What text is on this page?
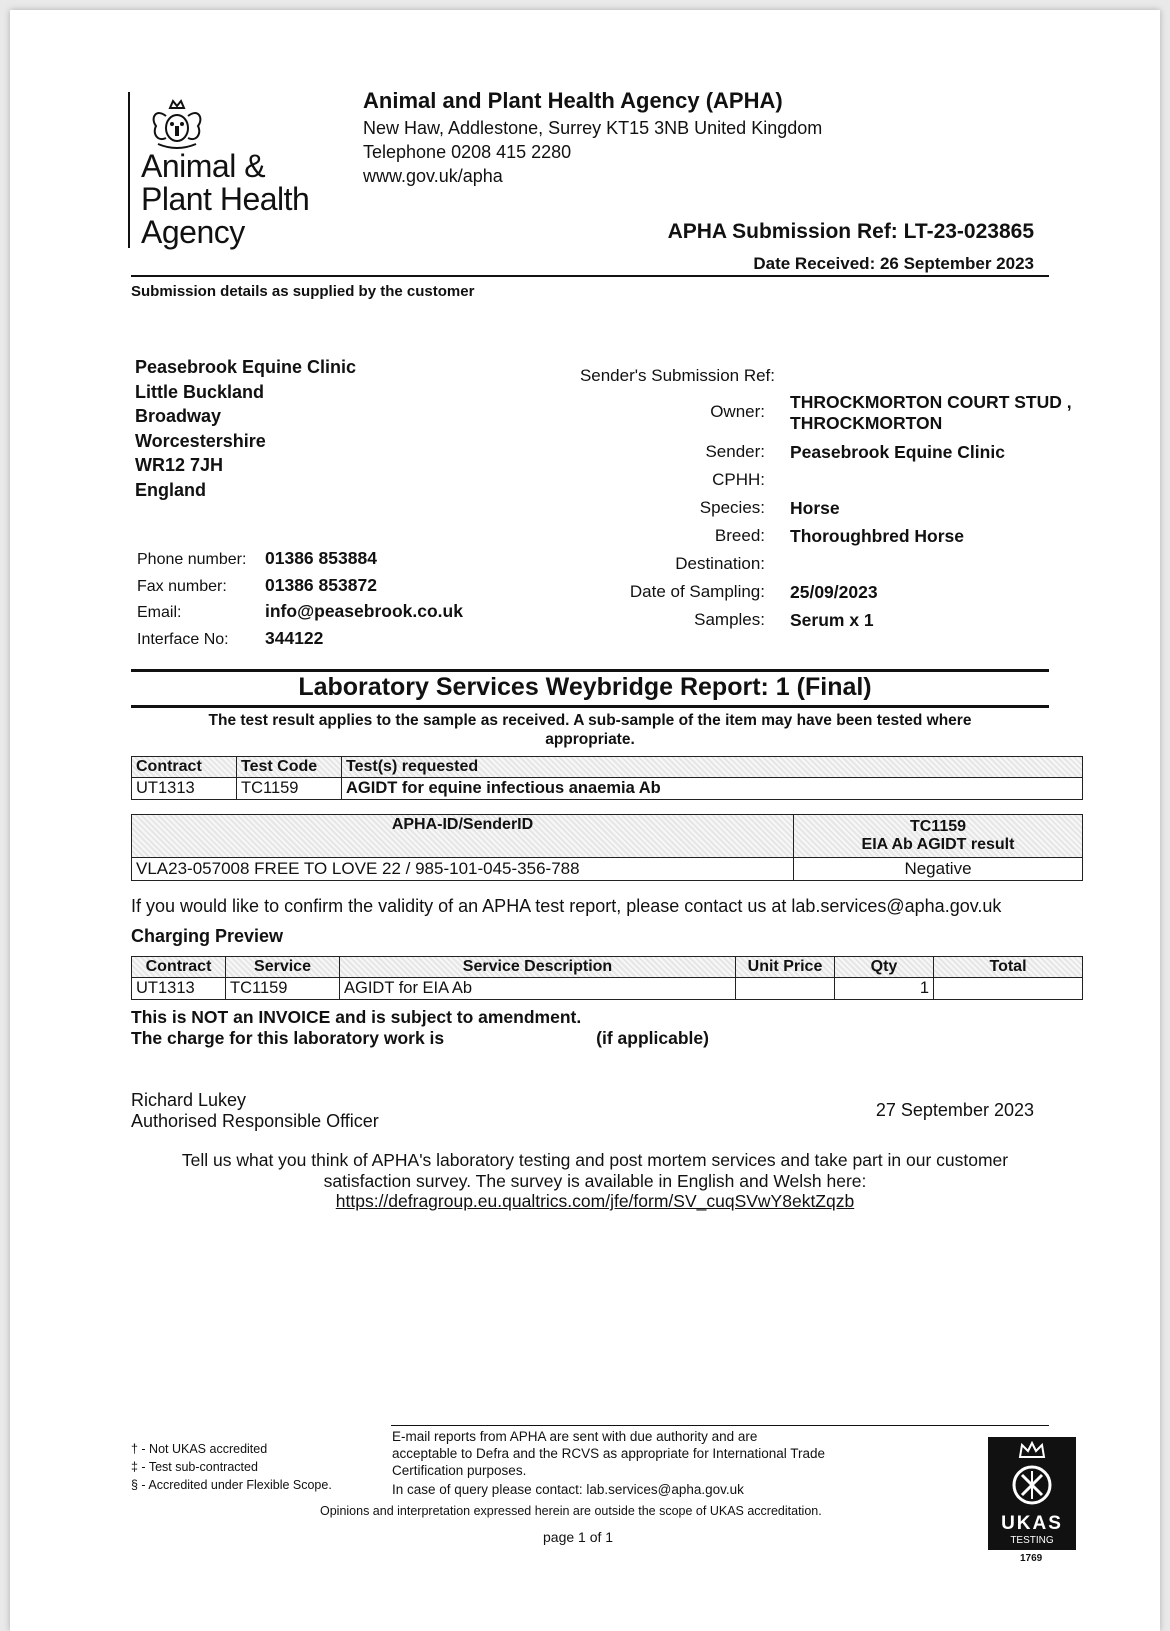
Animal &
Plant Health
Agency
Animal and Plant Health Agency (APHA)
New Haw, Addlestone, Surrey KT15 3NB United Kingdom
Telephone 0208 415 2280
www.gov.uk/apha
APHA Submission Ref: LT-23-023865
Date Received: 26 September 2023
Submission details as supplied by the customer
Peasebrook Equine Clinic
Little Buckland
Broadway
Worcestershire
WR12 7JH
England
Phone number: 01386 853884
Fax number: 01386 853872
Email:	info@peasebrook.co.uk
Interface No: 344122
Sender's Submission Ref:
Owner: THROCKMORTON COURT STUD ,
THROCKMORTON
Sender: Peasebrook Equine Clinic
CPHH:
Species: Horse
Breed: Thoroughbred Horse
Destination:
Date of Sampling: 25/09/2023
Samples: Serum x 1
Laboratory Services Weybridge Report: 1 (Final)
The test result applies to the sample as received. A sub-sample of the item may have been tested where
appropriate.
Contract	Test Code	Test(s) requested
UT1313	TC1159	AGIDT for equine infectious anaemia Ab
APHA-ID/SenderID	TC1159
EIA Ab AGIDT result

VLA23-057008 FREE TO LOVE 22 / 985-101-045-356-788	Negative
If you would like to confirm the validity of an APHA test report, please contact us at lab.services@apha.gov.uk
Charging Preview
Contract	Service	Service Description	Unit Price	Qty	Total
UT1313	TC1159	AGIDT for EIA Ab		1	
This is NOT an INVOICE and is subject to amendment.
The charge for this laboratory work is	(if applicable)
Richard Lukey
Authorised Responsible Officer
27 September 2023
Tell us what you think of APHA's laboratory testing and post mortem services and take part in our customer
satisfaction survey. The survey is available in English and Welsh here:
https://defragroup.eu.qualtrics.com/jfe/form/SV_cuqSVwY8ektZqzb
† - Not UKAS accredited
‡ - Test sub-contracted
§ - Accredited under Flexible Scope.
E-mail reports from APHA are sent with due authority and are
acceptable to Defra and the RCVS as appropriate for International Trade
Certification purposes.
In case of query please contact: lab.services@apha.gov.uk
Opinions and interpretation expressed herein are outside the scope of UKAS accreditation.
page 1 of 1
UKAS
TESTING
1769
